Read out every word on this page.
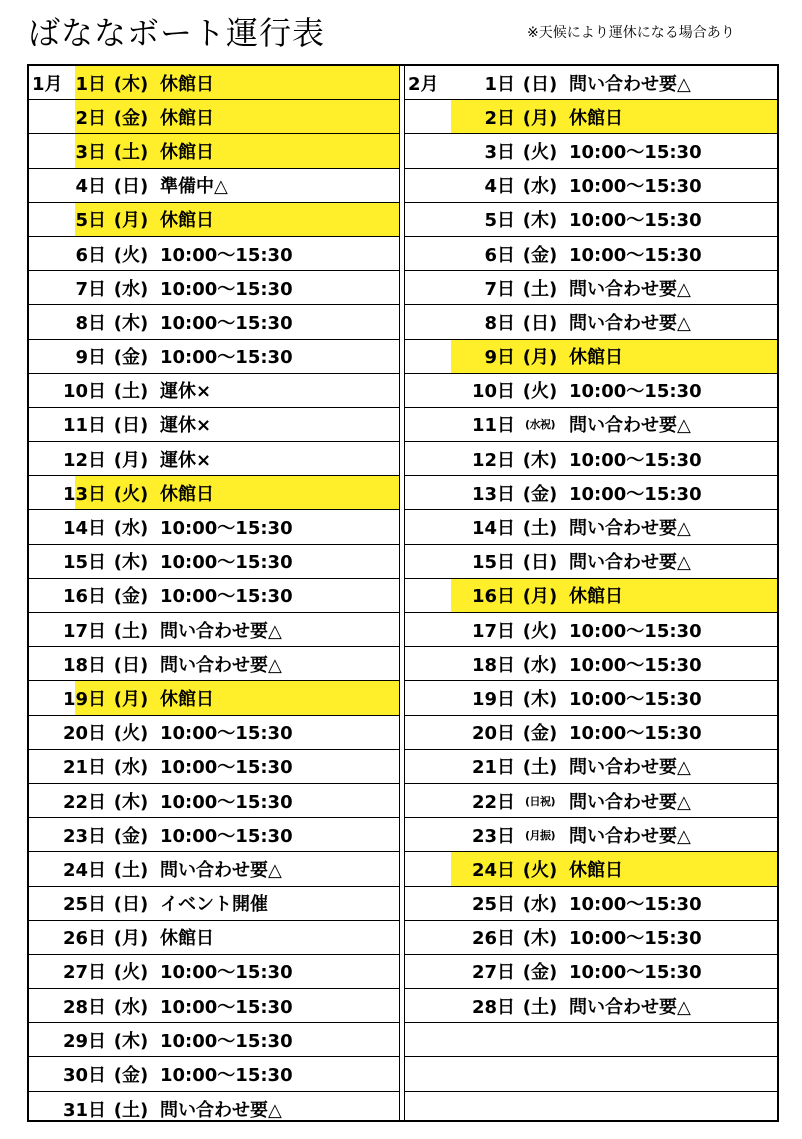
ばななボート運行表	※天候により運休になる場合あり
1月 1日 (木) 休館日
2日 (金) 休館日
3日 (土) 休館日
4日 (日) 準備中△
5日 (月) 休館日
6日 (火) 10:00〜15:30
7日 (水) 10:00〜15:30
8日 (木) 10:00〜15:30
9日 (金) 10:00〜15:30
10日 (土) 運休×
11日 (日) 運休×
12日 (月) 運休×
13日 (火) 休館日
14日 (水) 10:00〜15:30
15日 (木) 10:00〜15:30
16日 (金) 10:00〜15:30
17日 (土) 問い合わせ要△
18日 (日) 問い合わせ要△
19日 (月) 休館日
20日 (火) 10:00〜15:30
21日 (水) 10:00〜15:30
22日 (木) 10:00〜15:30
23日 (金) 10:00〜15:30
24日 (土) 問い合わせ要△
25日 (日) イベント開催
26日 (月) 休館日
27日 (火) 10:00〜15:30
28日 (水) 10:00〜15:30
29日 (木) 10:00〜15:30
30日 (金) 10:00〜15:30
31日 (土) 問い合わせ要△
2月	1日 (日) 問い合わせ要△
2日 (月) 休館日
3日 (火) 10:00〜15:30
4日 (水) 10:00〜15:30
5日 (木) 10:00〜15:30
6日 (金) 10:00〜15:30
7日 (土) 問い合わせ要△
8日 (日) 問い合わせ要△
9日 (月) 休館日
10日 (火) 10:00〜15:30
11日 (水祝) 問い合わせ要△
12日 (木) 10:00〜15:30
13日 (金) 10:00〜15:30
14日 (土) 問い合わせ要△
15日 (日) 問い合わせ要△
16日 (月) 休館日
17日 (火) 10:00〜15:30
18日 (水) 10:00〜15:30
19日 (木) 10:00〜15:30
20日 (金) 10:00〜15:30
21日 (土) 問い合わせ要△
22日 (日祝) 問い合わせ要△
23日 (月振) 問い合わせ要△
24日 (火) 休館日
25日 (水) 10:00〜15:30
26日 (木) 10:00〜15:30
27日 (金) 10:00〜15:30
28日 (土) 問い合わせ要△
